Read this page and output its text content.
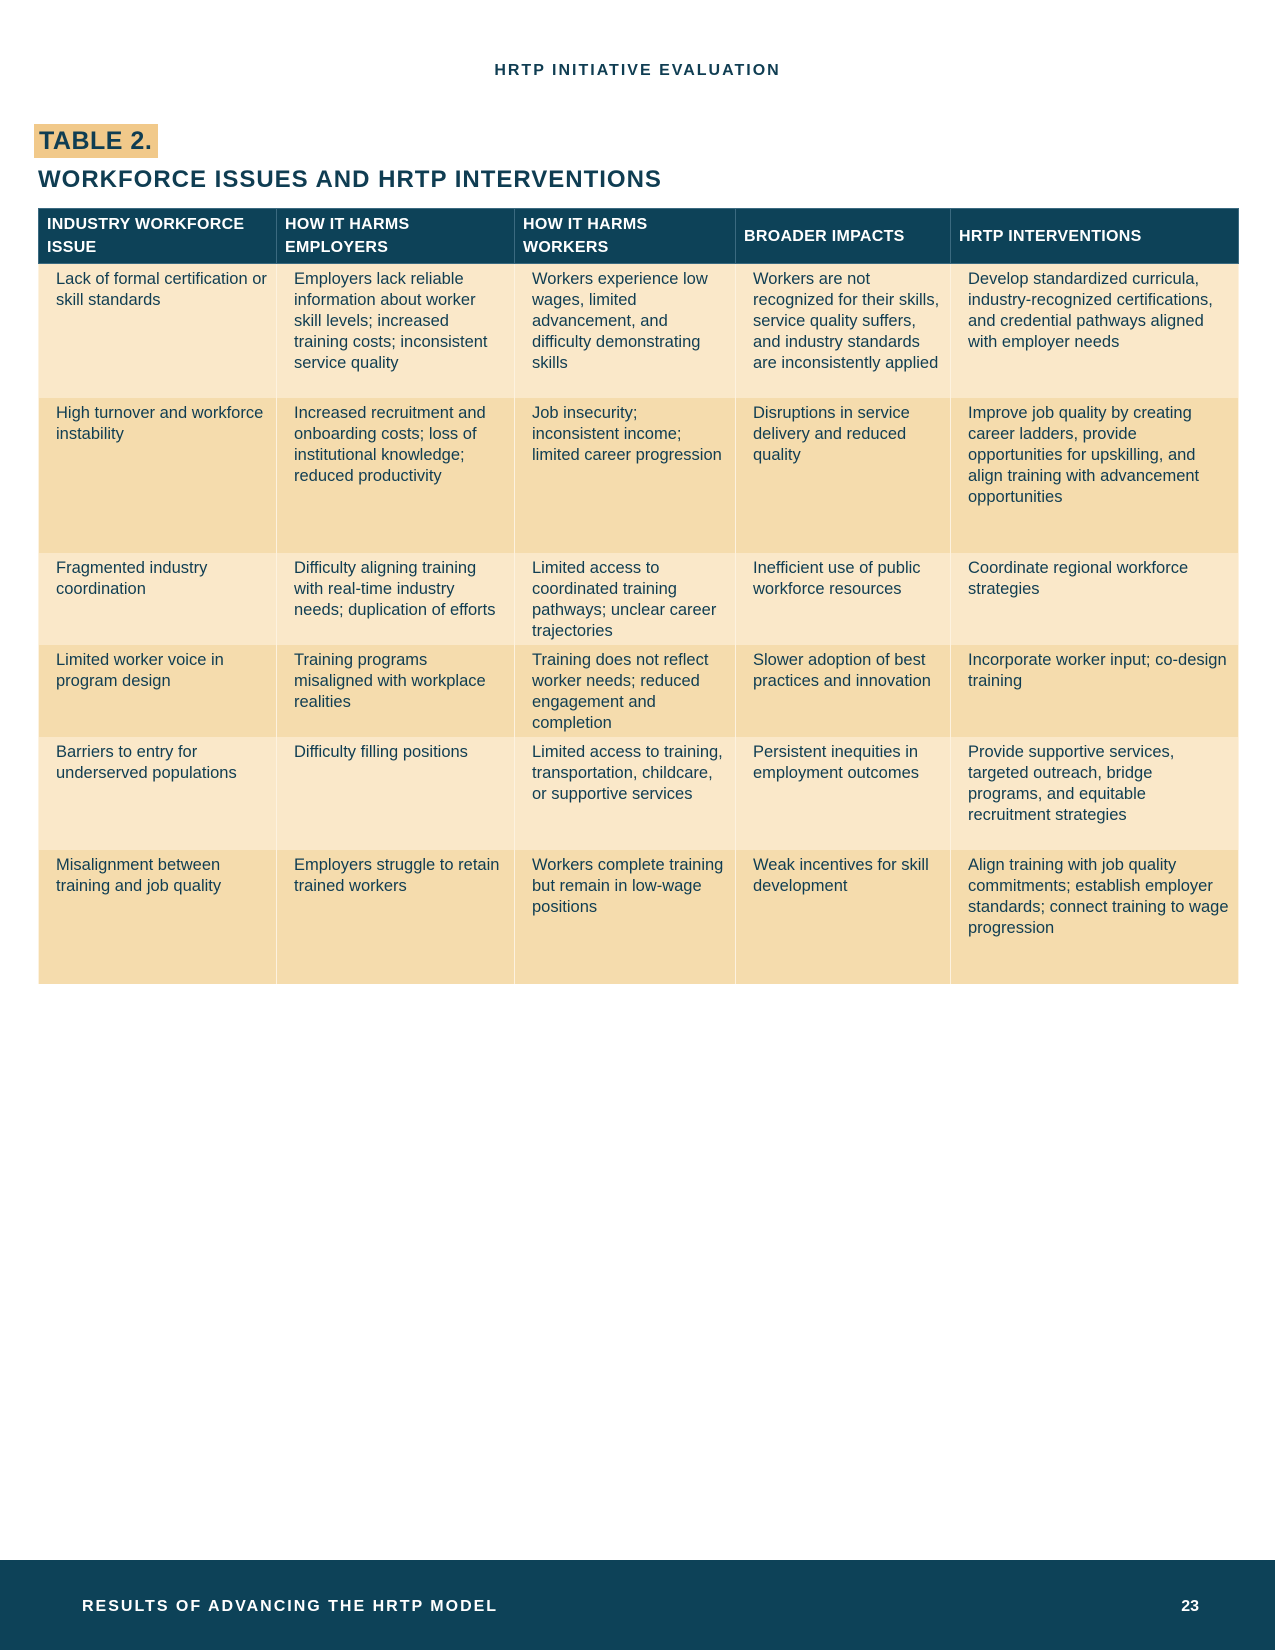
HRTP INITIATIVE EVALUATION
TABLE 2.
WORKFORCE ISSUES AND HRTP INTERVENTIONS
INDUSTRY WORKFORCE ISSUE	HOW IT HARMS EMPLOYERS	HOW IT HARMS WORKERS	BROADER IMPACTS	HRTP INTERVENTIONS
Lack of formal certification or skill standards	Employers lack reliable information about worker skill levels; increased training costs; inconsistent service quality	Workers experience low wages, limited advancement, and difficulty demonstrating skills	Workers are not recognized for their skills, service quality suffers, and industry standards are inconsistently applied	Develop standardized curricula, industry-recognized certifications, and credential pathways aligned with employer needs
High turnover and workforce instability	Increased recruitment and onboarding costs; loss of institutional knowledge; reduced productivity	Job insecurity; inconsistent income; limited career progression	Disruptions in service delivery and reduced quality	Improve job quality by creating career ladders, provide opportunities for upskilling, and align training with advancement opportunities
Fragmented industry coordination	Difficulty aligning training with real-time industry needs; duplication of efforts	Limited access to coordinated training pathways; unclear career trajectories	Inefficient use of public workforce resources	Coordinate regional workforce strategies
Limited worker voice in program design	Training programs misaligned with workplace realities	Training does not reflect worker needs; reduced engagement and completion	Slower adoption of best practices and innovation	Incorporate worker input; co-design training
Barriers to entry for underserved populations	Difficulty filling positions	Limited access to training, transportation, childcare, or supportive services	Persistent inequities in employment outcomes	Provide supportive services, targeted outreach, bridge programs, and equitable recruitment strategies
Misalignment between training and job quality	Employers struggle to retain trained workers	Workers complete training but remain in low-wage positions	Weak incentives for skill development	Align training with job quality commitments; establish employer standards; connect training to wage progression
RESULTS OF ADVANCING THE HRTP MODEL	23
